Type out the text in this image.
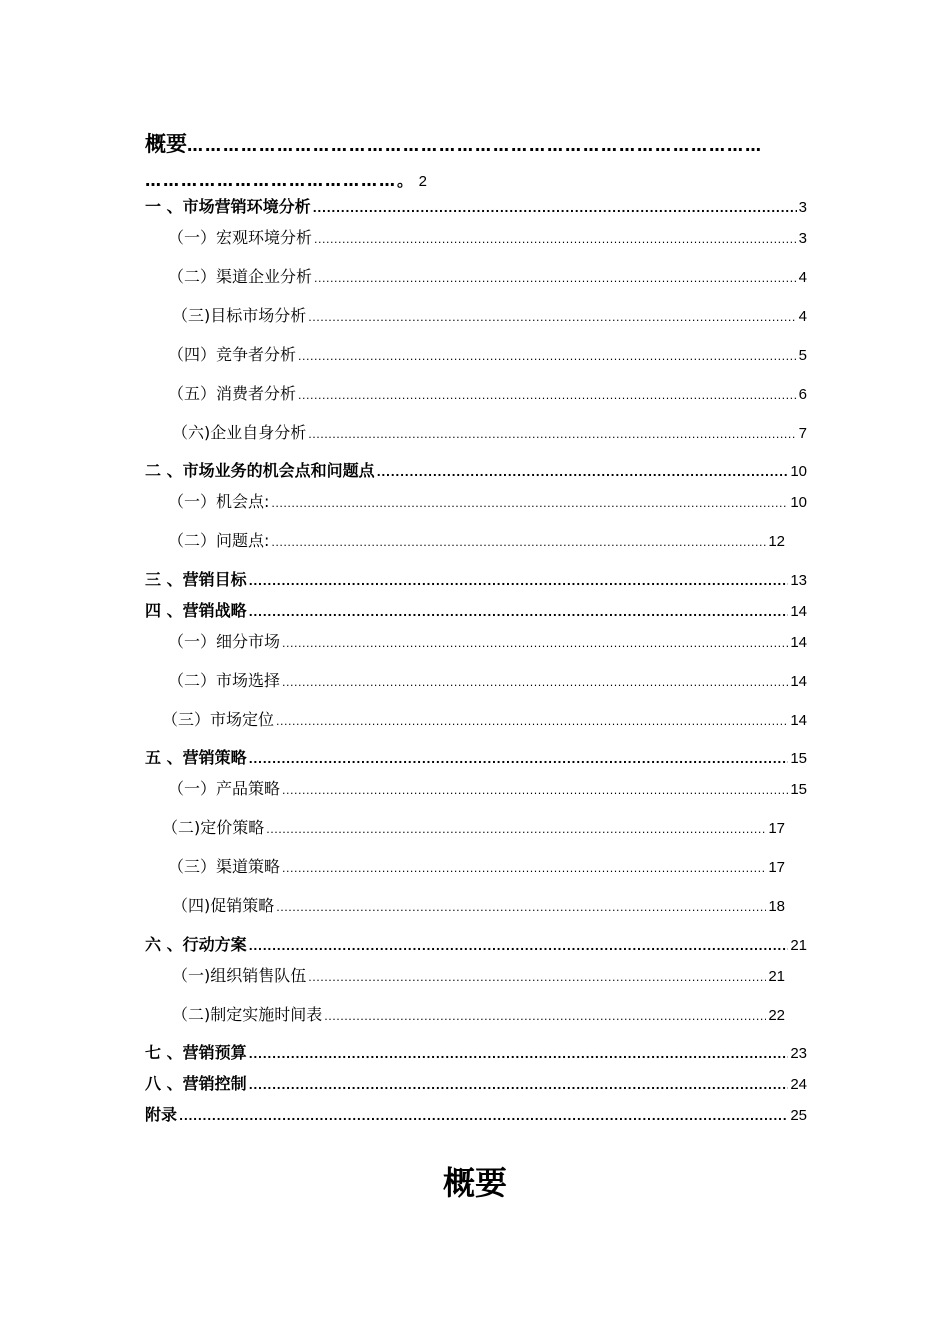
概要……………………………………………………………………………………
……………………………………。 2
一 、市场营销环境分析 .....	3
（一）宏观环境分析 .....	3
（二）渠道企业分析 .....	4
（三)目标市场分析 .....	4
（四）竞争者分析 .....	5
（五）消费者分析 .....	6
（六)企业自身分析 .....	7
二 、市场业务的机会点和问题点 .....	10
（一）机会点: .....	10
（二）问题点: .....	12
三 、营销目标 .....	13
四 、营销战略 .....	14
（一）细分市场 .....	14
（二）市场选择 .....	14
（三）市场定位 .....	14
五 、营销策略 .....	15
（一）产品策略 .....	15
（二)定价策略 .....	17
（三）渠道策略 .....	17
（四)促销策略 .....	18
六 、行动方案 .....	21
（一)组织销售队伍 .....	21
（二)制定实施时间表 .....	22
七 、营销预算 .....	23
八 、营销控制 .....	24
附录 .....	25
概要
